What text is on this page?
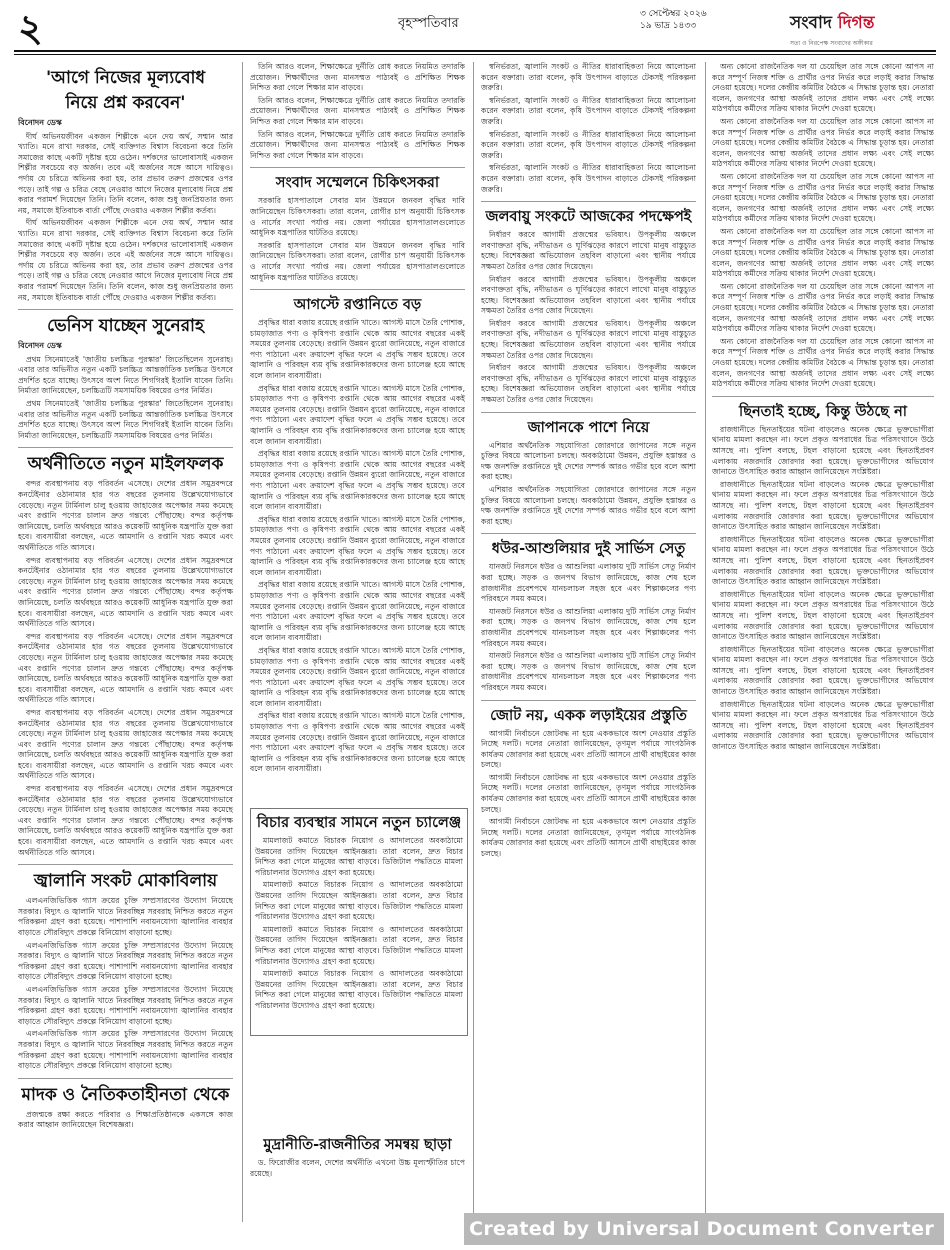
২	বৃহস্পতিবার
৩ সেপ্টেম্বর ২০২৬
১৯ ভাদ্র ১৪৩৩	সংবাদ দিগন্ত
সত্য ও নিরপেক্ষ সংবাদের অঙ্গীকার
'আগে নিজের মূল্যবোধ
নিয়ে প্রশ্ন করবেন'
বিনোদন ডেস্ক

দীর্ঘ অভিনয়জীবন একজন শিল্পীকে এনে দেয় অর্থ, সম্মান আর খ্যাতি। মনে রাখা দরকার, সেই ব্যক্তিগত বিশ্বাস বিবেচনা করে তিনি সমাজের কাছে একটি দৃষ্টান্ত হয়ে ওঠেন। দর্শকদের ভালোবাসাই একজন শিল্পীর সবচেয়ে বড় অর্জন। তবে এই অর্জনের সঙ্গে আসে দায়িত্বও। পর্দায় যে চরিত্রে অভিনয় করা হয়, তার প্রভাব তরুণ প্রজন্মের ওপর পড়ে। তাই গল্প ও চরিত্র বেছে নেওয়ার আগে নিজের মূল্যবোধ নিয়ে প্রশ্ন করার পরামর্শ দিয়েছেন তিনি। তিনি বলেন, কাজ শুধু জনপ্রিয়তার জন্য নয়, সমাজে ইতিবাচক বার্তা পৌঁছে দেওয়াও একজন শিল্পীর কর্তব্য।

দীর্ঘ অভিনয়জীবন একজন শিল্পীকে এনে দেয় অর্থ, সম্মান আর খ্যাতি। মনে রাখা দরকার, সেই ব্যক্তিগত বিশ্বাস বিবেচনা করে তিনি সমাজের কাছে একটি দৃষ্টান্ত হয়ে ওঠেন। দর্শকদের ভালোবাসাই একজন শিল্পীর সবচেয়ে বড় অর্জন। তবে এই অর্জনের সঙ্গে আসে দায়িত্বও। পর্দায় যে চরিত্রে অভিনয় করা হয়, তার প্রভাব তরুণ প্রজন্মের ওপর পড়ে। তাই গল্প ও চরিত্র বেছে নেওয়ার আগে নিজের মূল্যবোধ নিয়ে প্রশ্ন করার পরামর্শ দিয়েছেন তিনি। তিনি বলেন, কাজ শুধু জনপ্রিয়তার জন্য নয়, সমাজে ইতিবাচক বার্তা পৌঁছে দেওয়াও একজন শিল্পীর কর্তব্য।

ভেনিস যাচ্ছেন সুনেরাহ
বিনোদন ডেস্ক

প্রথম সিনেমাতেই 'জাতীয় চলচ্চিত্র পুরস্কার' জিতেছিলেন সুনেরাহ। এবার তার অভিনীত নতুন একটি চলচ্চিত্র আন্তর্জাতিক চলচ্চিত্র উৎসবে প্রদর্শিত হতে যাচ্ছে। উৎসবে অংশ নিতে শিগগিরই ইতালি যাবেন তিনি। নির্মাতা জানিয়েছেন, চলচ্চিত্রটি সমসাময়িক বিষয়ের ওপর নির্মিত।

প্রথম সিনেমাতেই 'জাতীয় চলচ্চিত্র পুরস্কার' জিতেছিলেন সুনেরাহ। এবার তার অভিনীত নতুন একটি চলচ্চিত্র আন্তর্জাতিক চলচ্চিত্র উৎসবে প্রদর্শিত হতে যাচ্ছে। উৎসবে অংশ নিতে শিগগিরই ইতালি যাবেন তিনি। নির্মাতা জানিয়েছেন, চলচ্চিত্রটি সমসাময়িক বিষয়ের ওপর নির্মিত।

অর্থনীতিতে নতুন মাইলফলক

বন্দর ব্যবস্থাপনায় বড় পরিবর্তন এসেছে। দেশের প্রধান সমুদ্রবন্দরে কনটেইনার ওঠানামার হার গত বছরের তুলনায় উল্লেখযোগ্যভাবে বেড়েছে। নতুন টার্মিনাল চালু হওয়ায় জাহাজের অপেক্ষার সময় কমেছে এবং রপ্তানি পণ্যের চালান দ্রুত গন্তব্যে পৌঁছাচ্ছে। বন্দর কর্তৃপক্ষ জানিয়েছে, চলতি অর্থবছরে আরও কয়েকটি আধুনিক যন্ত্রপাতি যুক্ত করা হবে। ব্যবসায়ীরা বলছেন, এতে আমদানি ও রপ্তানি খরচ কমবে এবং অর্থনীতিতে গতি আসবে।

বন্দর ব্যবস্থাপনায় বড় পরিবর্তন এসেছে। দেশের প্রধান সমুদ্রবন্দরে কনটেইনার ওঠানামার হার গত বছরের তুলনায় উল্লেখযোগ্যভাবে বেড়েছে। নতুন টার্মিনাল চালু হওয়ায় জাহাজের অপেক্ষার সময় কমেছে এবং রপ্তানি পণ্যের চালান দ্রুত গন্তব্যে পৌঁছাচ্ছে। বন্দর কর্তৃপক্ষ জানিয়েছে, চলতি অর্থবছরে আরও কয়েকটি আধুনিক যন্ত্রপাতি যুক্ত করা হবে। ব্যবসায়ীরা বলছেন, এতে আমদানি ও রপ্তানি খরচ কমবে এবং অর্থনীতিতে গতি আসবে।

বন্দর ব্যবস্থাপনায় বড় পরিবর্তন এসেছে। দেশের প্রধান সমুদ্রবন্দরে কনটেইনার ওঠানামার হার গত বছরের তুলনায় উল্লেখযোগ্যভাবে বেড়েছে। নতুন টার্মিনাল চালু হওয়ায় জাহাজের অপেক্ষার সময় কমেছে এবং রপ্তানি পণ্যের চালান দ্রুত গন্তব্যে পৌঁছাচ্ছে। বন্দর কর্তৃপক্ষ জানিয়েছে, চলতি অর্থবছরে আরও কয়েকটি আধুনিক যন্ত্রপাতি যুক্ত করা হবে। ব্যবসায়ীরা বলছেন, এতে আমদানি ও রপ্তানি খরচ কমবে এবং অর্থনীতিতে গতি আসবে।

বন্দর ব্যবস্থাপনায় বড় পরিবর্তন এসেছে। দেশের প্রধান সমুদ্রবন্দরে কনটেইনার ওঠানামার হার গত বছরের তুলনায় উল্লেখযোগ্যভাবে বেড়েছে। নতুন টার্মিনাল চালু হওয়ায় জাহাজের অপেক্ষার সময় কমেছে এবং রপ্তানি পণ্যের চালান দ্রুত গন্তব্যে পৌঁছাচ্ছে। বন্দর কর্তৃপক্ষ জানিয়েছে, চলতি অর্থবছরে আরও কয়েকটি আধুনিক যন্ত্রপাতি যুক্ত করা হবে। ব্যবসায়ীরা বলছেন, এতে আমদানি ও রপ্তানি খরচ কমবে এবং অর্থনীতিতে গতি আসবে।

বন্দর ব্যবস্থাপনায় বড় পরিবর্তন এসেছে। দেশের প্রধান সমুদ্রবন্দরে কনটেইনার ওঠানামার হার গত বছরের তুলনায় উল্লেখযোগ্যভাবে বেড়েছে। নতুন টার্মিনাল চালু হওয়ায় জাহাজের অপেক্ষার সময় কমেছে এবং রপ্তানি পণ্যের চালান দ্রুত গন্তব্যে পৌঁছাচ্ছে। বন্দর কর্তৃপক্ষ জানিয়েছে, চলতি অর্থবছরে আরও কয়েকটি আধুনিক যন্ত্রপাতি যুক্ত করা হবে। ব্যবসায়ীরা বলছেন, এতে আমদানি ও রপ্তানি খরচ কমবে এবং অর্থনীতিতে গতি আসবে।

জ্বালানি সংকট মোকাবিলায়

এলএনজিভিত্তিক গ্যাস ক্রয়ের চুক্তি সম্প্রসারণের উদ্যোগ নিয়েছে সরকার। বিদ্যুৎ ও জ্বালানি খাতে নিরবচ্ছিন্ন সরবরাহ নিশ্চিত করতে নতুন পরিকল্পনা গ্রহণ করা হয়েছে। পাশাপাশি নবায়নযোগ্য জ্বালানির ব্যবহার বাড়াতে সৌরবিদ্যুৎ প্রকল্পে বিনিয়োগ বাড়ানো হচ্ছে।

এলএনজিভিত্তিক গ্যাস ক্রয়ের চুক্তি সম্প্রসারণের উদ্যোগ নিয়েছে সরকার। বিদ্যুৎ ও জ্বালানি খাতে নিরবচ্ছিন্ন সরবরাহ নিশ্চিত করতে নতুন পরিকল্পনা গ্রহণ করা হয়েছে। পাশাপাশি নবায়নযোগ্য জ্বালানির ব্যবহার বাড়াতে সৌরবিদ্যুৎ প্রকল্পে বিনিয়োগ বাড়ানো হচ্ছে।

এলএনজিভিত্তিক গ্যাস ক্রয়ের চুক্তি সম্প্রসারণের উদ্যোগ নিয়েছে সরকার। বিদ্যুৎ ও জ্বালানি খাতে নিরবচ্ছিন্ন সরবরাহ নিশ্চিত করতে নতুন পরিকল্পনা গ্রহণ করা হয়েছে। পাশাপাশি নবায়নযোগ্য জ্বালানির ব্যবহার বাড়াতে সৌরবিদ্যুৎ প্রকল্পে বিনিয়োগ বাড়ানো হচ্ছে।

এলএনজিভিত্তিক গ্যাস ক্রয়ের চুক্তি সম্প্রসারণের উদ্যোগ নিয়েছে সরকার। বিদ্যুৎ ও জ্বালানি খাতে নিরবচ্ছিন্ন সরবরাহ নিশ্চিত করতে নতুন পরিকল্পনা গ্রহণ করা হয়েছে। পাশাপাশি নবায়নযোগ্য জ্বালানির ব্যবহার বাড়াতে সৌরবিদ্যুৎ প্রকল্পে বিনিয়োগ বাড়ানো হচ্ছে।

মাদক ও নৈতিকতাহীনতা থেকে

প্রজন্মকে রক্ষা করতে পরিবার ও শিক্ষাপ্রতিষ্ঠানকে একসঙ্গে কাজ করার আহ্বান জানিয়েছেন বিশেষজ্ঞরা।

তিনি আরও বলেন, শিক্ষাক্ষেত্রে দুর্নীতি রোধ করতে নিয়মিত তদারকি প্রয়োজন। শিক্ষার্থীদের জন্য মানসম্মত পাঠ্যবই ও প্রশিক্ষিত শিক্ষক নিশ্চিত করা গেলে শিক্ষার মান বাড়বে।

তিনি আরও বলেন, শিক্ষাক্ষেত্রে দুর্নীতি রোধ করতে নিয়মিত তদারকি প্রয়োজন। শিক্ষার্থীদের জন্য মানসম্মত পাঠ্যবই ও প্রশিক্ষিত শিক্ষক নিশ্চিত করা গেলে শিক্ষার মান বাড়বে।

তিনি আরও বলেন, শিক্ষাক্ষেত্রে দুর্নীতি রোধ করতে নিয়মিত তদারকি প্রয়োজন। শিক্ষার্থীদের জন্য মানসম্মত পাঠ্যবই ও প্রশিক্ষিত শিক্ষক নিশ্চিত করা গেলে শিক্ষার মান বাড়বে।

সংবাদ সম্মেলনে চিকিৎসকরা

সরকারি হাসপাতালে সেবার মান উন্নয়নে জনবল বৃদ্ধির দাবি জানিয়েছেন চিকিৎসকরা। তারা বলেন, রোগীর চাপ অনুযায়ী চিকিৎসক ও নার্সের সংখ্যা পর্যাপ্ত নয়। জেলা পর্যায়ের হাসপাতালগুলোতে আধুনিক যন্ত্রপাতির ঘাটতিও রয়েছে।

সরকারি হাসপাতালে সেবার মান উন্নয়নে জনবল বৃদ্ধির দাবি জানিয়েছেন চিকিৎসকরা। তারা বলেন, রোগীর চাপ অনুযায়ী চিকিৎসক ও নার্সের সংখ্যা পর্যাপ্ত নয়। জেলা পর্যায়ের হাসপাতালগুলোতে আধুনিক যন্ত্রপাতির ঘাটতিও রয়েছে।

আগস্টে রপ্তানিতে বড়

প্রবৃদ্ধির ধারা বজায় রয়েছে রপ্তানি খাতে। আগস্ট মাসে তৈরি পোশাক, চামড়াজাত পণ্য ও কৃষিপণ্য রপ্তানি থেকে আয় আগের বছরের একই সময়ের তুলনায় বেড়েছে। রপ্তানি উন্নয়ন ব্যুরো জানিয়েছে, নতুন বাজারে পণ্য পাঠানো এবং ক্রয়াদেশ বৃদ্ধির ফলে এ প্রবৃদ্ধি সম্ভব হয়েছে। তবে জ্বালানি ও পরিবহন ব্যয় বৃদ্ধি রপ্তানিকারকদের জন্য চ্যালেঞ্জ হয়ে আছে বলে জানান ব্যবসায়ীরা।

প্রবৃদ্ধির ধারা বজায় রয়েছে রপ্তানি খাতে। আগস্ট মাসে তৈরি পোশাক, চামড়াজাত পণ্য ও কৃষিপণ্য রপ্তানি থেকে আয় আগের বছরের একই সময়ের তুলনায় বেড়েছে। রপ্তানি উন্নয়ন ব্যুরো জানিয়েছে, নতুন বাজারে পণ্য পাঠানো এবং ক্রয়াদেশ বৃদ্ধির ফলে এ প্রবৃদ্ধি সম্ভব হয়েছে। তবে জ্বালানি ও পরিবহন ব্যয় বৃদ্ধি রপ্তানিকারকদের জন্য চ্যালেঞ্জ হয়ে আছে বলে জানান ব্যবসায়ীরা।

প্রবৃদ্ধির ধারা বজায় রয়েছে রপ্তানি খাতে। আগস্ট মাসে তৈরি পোশাক, চামড়াজাত পণ্য ও কৃষিপণ্য রপ্তানি থেকে আয় আগের বছরের একই সময়ের তুলনায় বেড়েছে। রপ্তানি উন্নয়ন ব্যুরো জানিয়েছে, নতুন বাজারে পণ্য পাঠানো এবং ক্রয়াদেশ বৃদ্ধির ফলে এ প্রবৃদ্ধি সম্ভব হয়েছে। তবে জ্বালানি ও পরিবহন ব্যয় বৃদ্ধি রপ্তানিকারকদের জন্য চ্যালেঞ্জ হয়ে আছে বলে জানান ব্যবসায়ীরা।

প্রবৃদ্ধির ধারা বজায় রয়েছে রপ্তানি খাতে। আগস্ট মাসে তৈরি পোশাক, চামড়াজাত পণ্য ও কৃষিপণ্য রপ্তানি থেকে আয় আগের বছরের একই সময়ের তুলনায় বেড়েছে। রপ্তানি উন্নয়ন ব্যুরো জানিয়েছে, নতুন বাজারে পণ্য পাঠানো এবং ক্রয়াদেশ বৃদ্ধির ফলে এ প্রবৃদ্ধি সম্ভব হয়েছে। তবে জ্বালানি ও পরিবহন ব্যয় বৃদ্ধি রপ্তানিকারকদের জন্য চ্যালেঞ্জ হয়ে আছে বলে জানান ব্যবসায়ীরা।

প্রবৃদ্ধির ধারা বজায় রয়েছে রপ্তানি খাতে। আগস্ট মাসে তৈরি পোশাক, চামড়াজাত পণ্য ও কৃষিপণ্য রপ্তানি থেকে আয় আগের বছরের একই সময়ের তুলনায় বেড়েছে। রপ্তানি উন্নয়ন ব্যুরো জানিয়েছে, নতুন বাজারে পণ্য পাঠানো এবং ক্রয়াদেশ বৃদ্ধির ফলে এ প্রবৃদ্ধি সম্ভব হয়েছে। তবে জ্বালানি ও পরিবহন ব্যয় বৃদ্ধি রপ্তানিকারকদের জন্য চ্যালেঞ্জ হয়ে আছে বলে জানান ব্যবসায়ীরা।

প্রবৃদ্ধির ধারা বজায় রয়েছে রপ্তানি খাতে। আগস্ট মাসে তৈরি পোশাক, চামড়াজাত পণ্য ও কৃষিপণ্য রপ্তানি থেকে আয় আগের বছরের একই সময়ের তুলনায় বেড়েছে। রপ্তানি উন্নয়ন ব্যুরো জানিয়েছে, নতুন বাজারে পণ্য পাঠানো এবং ক্রয়াদেশ বৃদ্ধির ফলে এ প্রবৃদ্ধি সম্ভব হয়েছে। তবে জ্বালানি ও পরিবহন ব্যয় বৃদ্ধি রপ্তানিকারকদের জন্য চ্যালেঞ্জ হয়ে আছে বলে জানান ব্যবসায়ীরা।

প্রবৃদ্ধির ধারা বজায় রয়েছে রপ্তানি খাতে। আগস্ট মাসে তৈরি পোশাক, চামড়াজাত পণ্য ও কৃষিপণ্য রপ্তানি থেকে আয় আগের বছরের একই সময়ের তুলনায় বেড়েছে। রপ্তানি উন্নয়ন ব্যুরো জানিয়েছে, নতুন বাজারে পণ্য পাঠানো এবং ক্রয়াদেশ বৃদ্ধির ফলে এ প্রবৃদ্ধি সম্ভব হয়েছে। তবে জ্বালানি ও পরিবহন ব্যয় বৃদ্ধি রপ্তানিকারকদের জন্য চ্যালেঞ্জ হয়ে আছে বলে জানান ব্যবসায়ীরা।

বিচার ব্যবস্থার সামনে নতুন চ্যালেঞ্জ

মামলাজট কমাতে বিচারক নিয়োগ ও আদালতের অবকাঠামো উন্নয়নের তাগিদ দিয়েছেন আইনজ্ঞরা। তারা বলেন, দ্রুত বিচার নিশ্চিত করা গেলে মানুষের আস্থা বাড়বে। ডিজিটাল পদ্ধতিতে মামলা পরিচালনার উদ্যোগও গ্রহণ করা হয়েছে।

মামলাজট কমাতে বিচারক নিয়োগ ও আদালতের অবকাঠামো উন্নয়নের তাগিদ দিয়েছেন আইনজ্ঞরা। তারা বলেন, দ্রুত বিচার নিশ্চিত করা গেলে মানুষের আস্থা বাড়বে। ডিজিটাল পদ্ধতিতে মামলা পরিচালনার উদ্যোগও গ্রহণ করা হয়েছে।

মামলাজট কমাতে বিচারক নিয়োগ ও আদালতের অবকাঠামো উন্নয়নের তাগিদ দিয়েছেন আইনজ্ঞরা। তারা বলেন, দ্রুত বিচার নিশ্চিত করা গেলে মানুষের আস্থা বাড়বে। ডিজিটাল পদ্ধতিতে মামলা পরিচালনার উদ্যোগও গ্রহণ করা হয়েছে।

মামলাজট কমাতে বিচারক নিয়োগ ও আদালতের অবকাঠামো উন্নয়নের তাগিদ দিয়েছেন আইনজ্ঞরা। তারা বলেন, দ্রুত বিচার নিশ্চিত করা গেলে মানুষের আস্থা বাড়বে। ডিজিটাল পদ্ধতিতে মামলা পরিচালনার উদ্যোগও গ্রহণ করা হয়েছে।

মুদ্রানীতি-রাজনীতির সমন্বয় ছাড়া

ড. ফিরোজীর বলেন, দেশের অর্থনীতি এখনো উচ্চ মূল্যস্ফীতির চাপে রয়েছে।

স্বনির্ভরতা, জ্বালানি সংকট ও নীতির ধারাবাহিকতা নিয়ে আলোচনা করেন বক্তারা। তারা বলেন, কৃষি উৎপাদন বাড়াতে টেকসই পরিকল্পনা জরুরি।

স্বনির্ভরতা, জ্বালানি সংকট ও নীতির ধারাবাহিকতা নিয়ে আলোচনা করেন বক্তারা। তারা বলেন, কৃষি উৎপাদন বাড়াতে টেকসই পরিকল্পনা জরুরি।

স্বনির্ভরতা, জ্বালানি সংকট ও নীতির ধারাবাহিকতা নিয়ে আলোচনা করেন বক্তারা। তারা বলেন, কৃষি উৎপাদন বাড়াতে টেকসই পরিকল্পনা জরুরি।

স্বনির্ভরতা, জ্বালানি সংকট ও নীতির ধারাবাহিকতা নিয়ে আলোচনা করেন বক্তারা। তারা বলেন, কৃষি উৎপাদন বাড়াতে টেকসই পরিকল্পনা জরুরি।

জলবায়ু সংকটে আজকের পদক্ষেপই

নির্ধারণ করবে আগামী প্রজন্মের ভবিষ্যৎ। উপকূলীয় অঞ্চলে লবণাক্ততা বৃদ্ধি, নদীভাঙন ও ঘূর্ণিঝড়ের কারণে লাখো মানুষ বাস্তুচ্যুত হচ্ছে। বিশেষজ্ঞরা অভিযোজন তহবিল বাড়ানো এবং স্থানীয় পর্যায়ে সক্ষমতা তৈরির ওপর জোর দিয়েছেন।

নির্ধারণ করবে আগামী প্রজন্মের ভবিষ্যৎ। উপকূলীয় অঞ্চলে লবণাক্ততা বৃদ্ধি, নদীভাঙন ও ঘূর্ণিঝড়ের কারণে লাখো মানুষ বাস্তুচ্যুত হচ্ছে। বিশেষজ্ঞরা অভিযোজন তহবিল বাড়ানো এবং স্থানীয় পর্যায়ে সক্ষমতা তৈরির ওপর জোর দিয়েছেন।

নির্ধারণ করবে আগামী প্রজন্মের ভবিষ্যৎ। উপকূলীয় অঞ্চলে লবণাক্ততা বৃদ্ধি, নদীভাঙন ও ঘূর্ণিঝড়ের কারণে লাখো মানুষ বাস্তুচ্যুত হচ্ছে। বিশেষজ্ঞরা অভিযোজন তহবিল বাড়ানো এবং স্থানীয় পর্যায়ে সক্ষমতা তৈরির ওপর জোর দিয়েছেন।

নির্ধারণ করবে আগামী প্রজন্মের ভবিষ্যৎ। উপকূলীয় অঞ্চলে লবণাক্ততা বৃদ্ধি, নদীভাঙন ও ঘূর্ণিঝড়ের কারণে লাখো মানুষ বাস্তুচ্যুত হচ্ছে। বিশেষজ্ঞরা অভিযোজন তহবিল বাড়ানো এবং স্থানীয় পর্যায়ে সক্ষমতা তৈরির ওপর জোর দিয়েছেন।

জাপানকে পাশে নিয়ে

এশিয়ার অর্থনৈতিক সহযোগিতা জোরদারে জাপানের সঙ্গে নতুন চুক্তির বিষয়ে আলোচনা চলছে। অবকাঠামো উন্নয়ন, প্রযুক্তি হস্তান্তর ও দক্ষ জনশক্তি রপ্তানিতে দুই দেশের সম্পর্ক আরও গভীর হবে বলে আশা করা হচ্ছে।

এশিয়ার অর্থনৈতিক সহযোগিতা জোরদারে জাপানের সঙ্গে নতুন চুক্তির বিষয়ে আলোচনা চলছে। অবকাঠামো উন্নয়ন, প্রযুক্তি হস্তান্তর ও দক্ষ জনশক্তি রপ্তানিতে দুই দেশের সম্পর্ক আরও গভীর হবে বলে আশা করা হচ্ছে।

ধউর-আশুলিয়ার দুই সার্ভিস সেতু

যানজট নিরসনে ধউর ও আশুলিয়া এলাকায় দুটি সার্ভিস সেতু নির্মাণ করা হচ্ছে। সড়ক ও জনপথ বিভাগ জানিয়েছে, কাজ শেষ হলে রাজধানীর প্রবেশপথে যানচলাচল সহজ হবে এবং শিল্পাঞ্চলের পণ্য পরিবহনে সময় কমবে।

যানজট নিরসনে ধউর ও আশুলিয়া এলাকায় দুটি সার্ভিস সেতু নির্মাণ করা হচ্ছে। সড়ক ও জনপথ বিভাগ জানিয়েছে, কাজ শেষ হলে রাজধানীর প্রবেশপথে যানচলাচল সহজ হবে এবং শিল্পাঞ্চলের পণ্য পরিবহনে সময় কমবে।

যানজট নিরসনে ধউর ও আশুলিয়া এলাকায় দুটি সার্ভিস সেতু নির্মাণ করা হচ্ছে। সড়ক ও জনপথ বিভাগ জানিয়েছে, কাজ শেষ হলে রাজধানীর প্রবেশপথে যানচলাচল সহজ হবে এবং শিল্পাঞ্চলের পণ্য পরিবহনে সময় কমবে।

জোট নয়, একক লড়াইয়ের প্রস্তুতি

আগামী নির্বাচনে জোটবদ্ধ না হয়ে এককভাবে অংশ নেওয়ার প্রস্তুতি নিচ্ছে দলটি। দলের নেতারা জানিয়েছেন, তৃণমূল পর্যায়ে সাংগঠনিক কার্যক্রম জোরদার করা হয়েছে এবং প্রতিটি আসনে প্রার্থী বাছাইয়ের কাজ চলছে।

আগামী নির্বাচনে জোটবদ্ধ না হয়ে এককভাবে অংশ নেওয়ার প্রস্তুতি নিচ্ছে দলটি। দলের নেতারা জানিয়েছেন, তৃণমূল পর্যায়ে সাংগঠনিক কার্যক্রম জোরদার করা হয়েছে এবং প্রতিটি আসনে প্রার্থী বাছাইয়ের কাজ চলছে।

আগামী নির্বাচনে জোটবদ্ধ না হয়ে এককভাবে অংশ নেওয়ার প্রস্তুতি নিচ্ছে দলটি। দলের নেতারা জানিয়েছেন, তৃণমূল পর্যায়ে সাংগঠনিক কার্যক্রম জোরদার করা হয়েছে এবং প্রতিটি আসনে প্রার্থী বাছাইয়ের কাজ চলছে।

অন্য কোনো রাজনৈতিক দল যা চেয়েছিল তার সঙ্গে কোনো আপস না করে সম্পূর্ণ নিজস্ব শক্তি ও প্রার্থীর ওপর নির্ভর করে লড়াই করার সিদ্ধান্ত নেওয়া হয়েছে। দলের কেন্দ্রীয় কমিটির বৈঠকে এ সিদ্ধান্ত চূড়ান্ত হয়। নেতারা বলেন, জনগণের আস্থা অর্জনই তাদের প্রধান লক্ষ্য এবং সেই লক্ষ্যে মাঠপর্যায়ে কর্মীদের সক্রিয় থাকার নির্দেশ দেওয়া হয়েছে।

অন্য কোনো রাজনৈতিক দল যা চেয়েছিল তার সঙ্গে কোনো আপস না করে সম্পূর্ণ নিজস্ব শক্তি ও প্রার্থীর ওপর নির্ভর করে লড়াই করার সিদ্ধান্ত নেওয়া হয়েছে। দলের কেন্দ্রীয় কমিটির বৈঠকে এ সিদ্ধান্ত চূড়ান্ত হয়। নেতারা বলেন, জনগণের আস্থা অর্জনই তাদের প্রধান লক্ষ্য এবং সেই লক্ষ্যে মাঠপর্যায়ে কর্মীদের সক্রিয় থাকার নির্দেশ দেওয়া হয়েছে।

অন্য কোনো রাজনৈতিক দল যা চেয়েছিল তার সঙ্গে কোনো আপস না করে সম্পূর্ণ নিজস্ব শক্তি ও প্রার্থীর ওপর নির্ভর করে লড়াই করার সিদ্ধান্ত নেওয়া হয়েছে। দলের কেন্দ্রীয় কমিটির বৈঠকে এ সিদ্ধান্ত চূড়ান্ত হয়। নেতারা বলেন, জনগণের আস্থা অর্জনই তাদের প্রধান লক্ষ্য এবং সেই লক্ষ্যে মাঠপর্যায়ে কর্মীদের সক্রিয় থাকার নির্দেশ দেওয়া হয়েছে।

অন্য কোনো রাজনৈতিক দল যা চেয়েছিল তার সঙ্গে কোনো আপস না করে সম্পূর্ণ নিজস্ব শক্তি ও প্রার্থীর ওপর নির্ভর করে লড়াই করার সিদ্ধান্ত নেওয়া হয়েছে। দলের কেন্দ্রীয় কমিটির বৈঠকে এ সিদ্ধান্ত চূড়ান্ত হয়। নেতারা বলেন, জনগণের আস্থা অর্জনই তাদের প্রধান লক্ষ্য এবং সেই লক্ষ্যে মাঠপর্যায়ে কর্মীদের সক্রিয় থাকার নির্দেশ দেওয়া হয়েছে।

অন্য কোনো রাজনৈতিক দল যা চেয়েছিল তার সঙ্গে কোনো আপস না করে সম্পূর্ণ নিজস্ব শক্তি ও প্রার্থীর ওপর নির্ভর করে লড়াই করার সিদ্ধান্ত নেওয়া হয়েছে। দলের কেন্দ্রীয় কমিটির বৈঠকে এ সিদ্ধান্ত চূড়ান্ত হয়। নেতারা বলেন, জনগণের আস্থা অর্জনই তাদের প্রধান লক্ষ্য এবং সেই লক্ষ্যে মাঠপর্যায়ে কর্মীদের সক্রিয় থাকার নির্দেশ দেওয়া হয়েছে।

অন্য কোনো রাজনৈতিক দল যা চেয়েছিল তার সঙ্গে কোনো আপস না করে সম্পূর্ণ নিজস্ব শক্তি ও প্রার্থীর ওপর নির্ভর করে লড়াই করার সিদ্ধান্ত নেওয়া হয়েছে। দলের কেন্দ্রীয় কমিটির বৈঠকে এ সিদ্ধান্ত চূড়ান্ত হয়। নেতারা বলেন, জনগণের আস্থা অর্জনই তাদের প্রধান লক্ষ্য এবং সেই লক্ষ্যে মাঠপর্যায়ে কর্মীদের সক্রিয় থাকার নির্দেশ দেওয়া হয়েছে।

ছিনতাই হচ্ছে, কিন্তু উঠছে না

রাজধানীতে ছিনতাইয়ের ঘটনা বাড়লেও অনেক ক্ষেত্রে ভুক্তভোগীরা থানায় মামলা করছেন না। ফলে প্রকৃত অপরাধের চিত্র পরিসংখ্যানে উঠে আসছে না। পুলিশ বলছে, টহল বাড়ানো হয়েছে এবং ছিনতাইপ্রবণ এলাকায় নজরদারি জোরদার করা হয়েছে। ভুক্তভোগীদের অভিযোগ জানাতে উৎসাহিত করার আহ্বান জানিয়েছেন সংশ্লিষ্টরা।

রাজধানীতে ছিনতাইয়ের ঘটনা বাড়লেও অনেক ক্ষেত্রে ভুক্তভোগীরা থানায় মামলা করছেন না। ফলে প্রকৃত অপরাধের চিত্র পরিসংখ্যানে উঠে আসছে না। পুলিশ বলছে, টহল বাড়ানো হয়েছে এবং ছিনতাইপ্রবণ এলাকায় নজরদারি জোরদার করা হয়েছে। ভুক্তভোগীদের অভিযোগ জানাতে উৎসাহিত করার আহ্বান জানিয়েছেন সংশ্লিষ্টরা।

রাজধানীতে ছিনতাইয়ের ঘটনা বাড়লেও অনেক ক্ষেত্রে ভুক্তভোগীরা থানায় মামলা করছেন না। ফলে প্রকৃত অপরাধের চিত্র পরিসংখ্যানে উঠে আসছে না। পুলিশ বলছে, টহল বাড়ানো হয়েছে এবং ছিনতাইপ্রবণ এলাকায় নজরদারি জোরদার করা হয়েছে। ভুক্তভোগীদের অভিযোগ জানাতে উৎসাহিত করার আহ্বান জানিয়েছেন সংশ্লিষ্টরা।

রাজধানীতে ছিনতাইয়ের ঘটনা বাড়লেও অনেক ক্ষেত্রে ভুক্তভোগীরা থানায় মামলা করছেন না। ফলে প্রকৃত অপরাধের চিত্র পরিসংখ্যানে উঠে আসছে না। পুলিশ বলছে, টহল বাড়ানো হয়েছে এবং ছিনতাইপ্রবণ এলাকায় নজরদারি জোরদার করা হয়েছে। ভুক্তভোগীদের অভিযোগ জানাতে উৎসাহিত করার আহ্বান জানিয়েছেন সংশ্লিষ্টরা।

রাজধানীতে ছিনতাইয়ের ঘটনা বাড়লেও অনেক ক্ষেত্রে ভুক্তভোগীরা থানায় মামলা করছেন না। ফলে প্রকৃত অপরাধের চিত্র পরিসংখ্যানে উঠে আসছে না। পুলিশ বলছে, টহল বাড়ানো হয়েছে এবং ছিনতাইপ্রবণ এলাকায় নজরদারি জোরদার করা হয়েছে। ভুক্তভোগীদের অভিযোগ জানাতে উৎসাহিত করার আহ্বান জানিয়েছেন সংশ্লিষ্টরা।

রাজধানীতে ছিনতাইয়ের ঘটনা বাড়লেও অনেক ক্ষেত্রে ভুক্তভোগীরা থানায় মামলা করছেন না। ফলে প্রকৃত অপরাধের চিত্র পরিসংখ্যানে উঠে আসছে না। পুলিশ বলছে, টহল বাড়ানো হয়েছে এবং ছিনতাইপ্রবণ এলাকায় নজরদারি জোরদার করা হয়েছে। ভুক্তভোগীদের অভিযোগ জানাতে উৎসাহিত করার আহ্বান জানিয়েছেন সংশ্লিষ্টরা।

Created by Universal Document Converter
